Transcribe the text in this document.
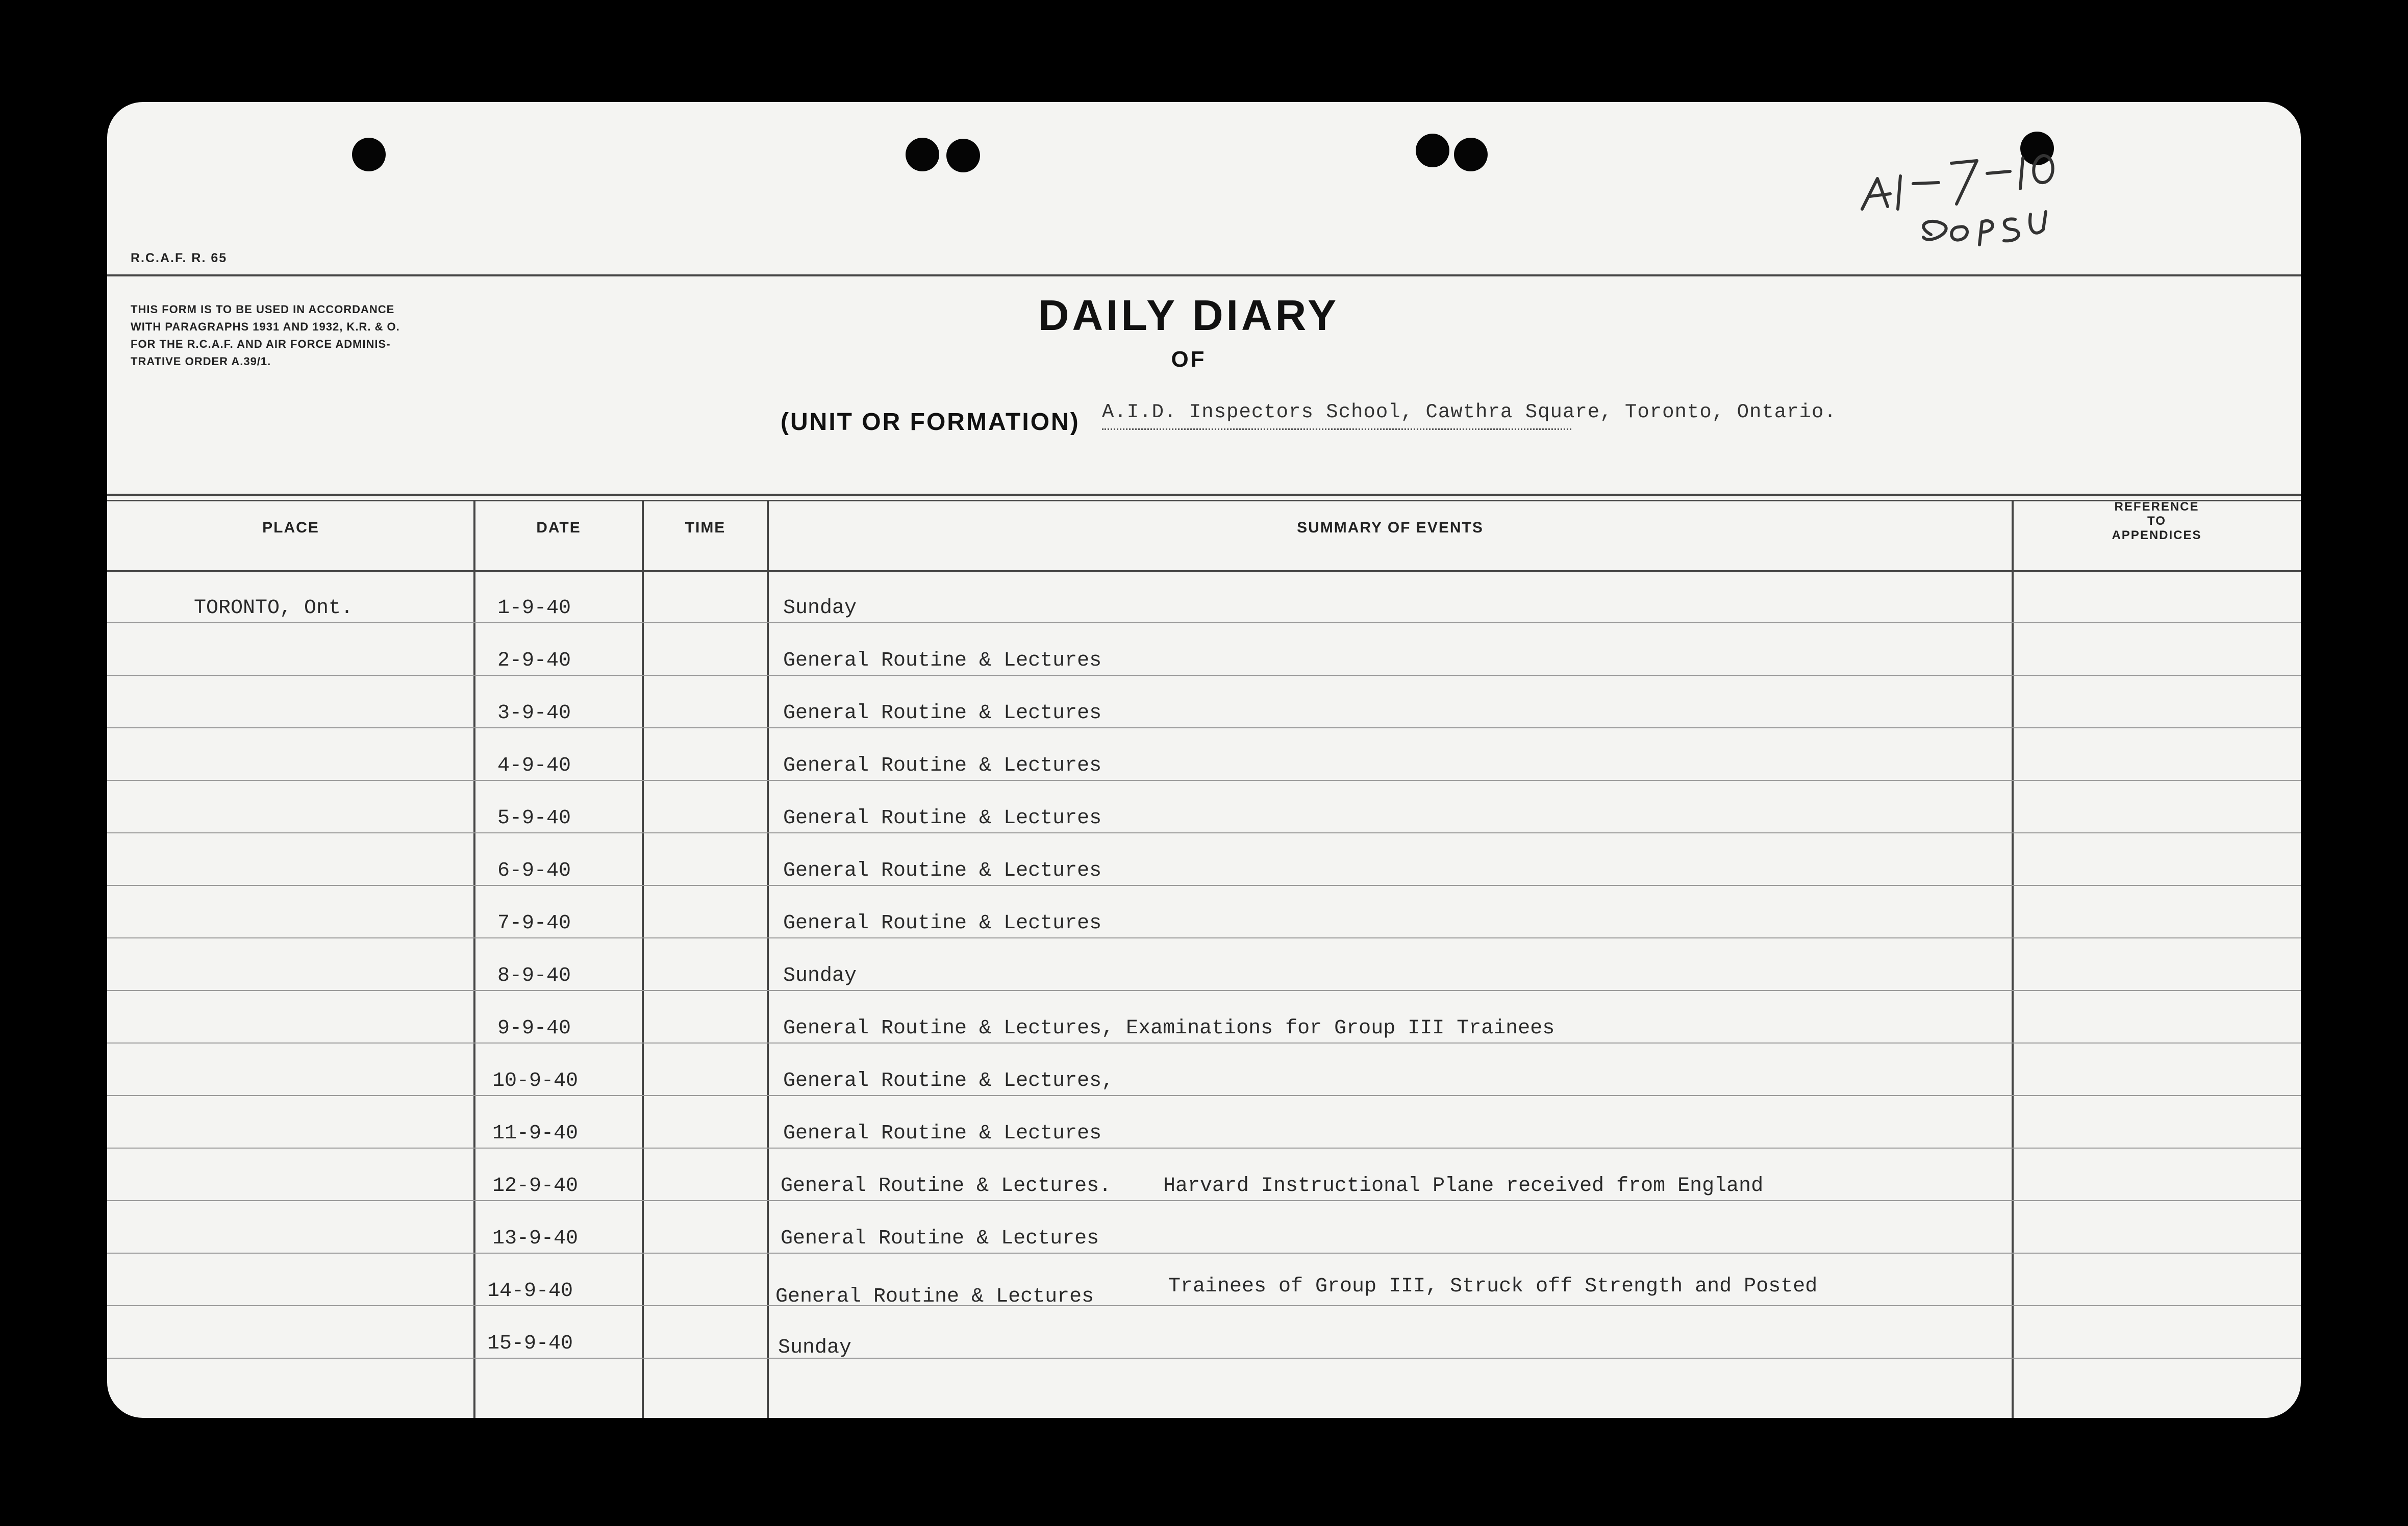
R.C.A.F. R. 65
THIS FORM IS TO BE USED IN ACCORDANCE
WITH PARAGRAPHS 1931 AND 1932, K.R. & O.
FOR THE R.C.A.F. AND AIR FORCE ADMINIS-
TRATIVE ORDER A.39/1.
DAILY DIARY
OF
(UNIT OR FORMATION) A.I.D. Inspectors School, Cawthra Square, Toronto, Ontario.
PLACE	DATE	TIME	SUMMARY OF EVENTS
REFERENCE
TO
APPENDICES
TORONTO, Ont.	1-9-40	Sunday
2-9-40	General Routine & Lectures
3-9-40	General Routine & Lectures
4-9-40	General Routine & Lectures
5-9-40	General Routine & Lectures
6-9-40	General Routine & Lectures
7-9-40	General Routine & Lectures
8-9-40	Sunday
9-9-40	General Routine & Lectures, Examinations for Group III Trainees
10-9-40	General Routine & Lectures,
11-9-40	General Routine & Lectures
12-9-40	General Routine & Lectures.	Harvard Instructional Plane received from England
13-9-40	General Routine & Lectures
14-9-40	General Routine & Lectures	Trainees of Group III, Struck off Strength and Posted
15-9-40	Sunday
